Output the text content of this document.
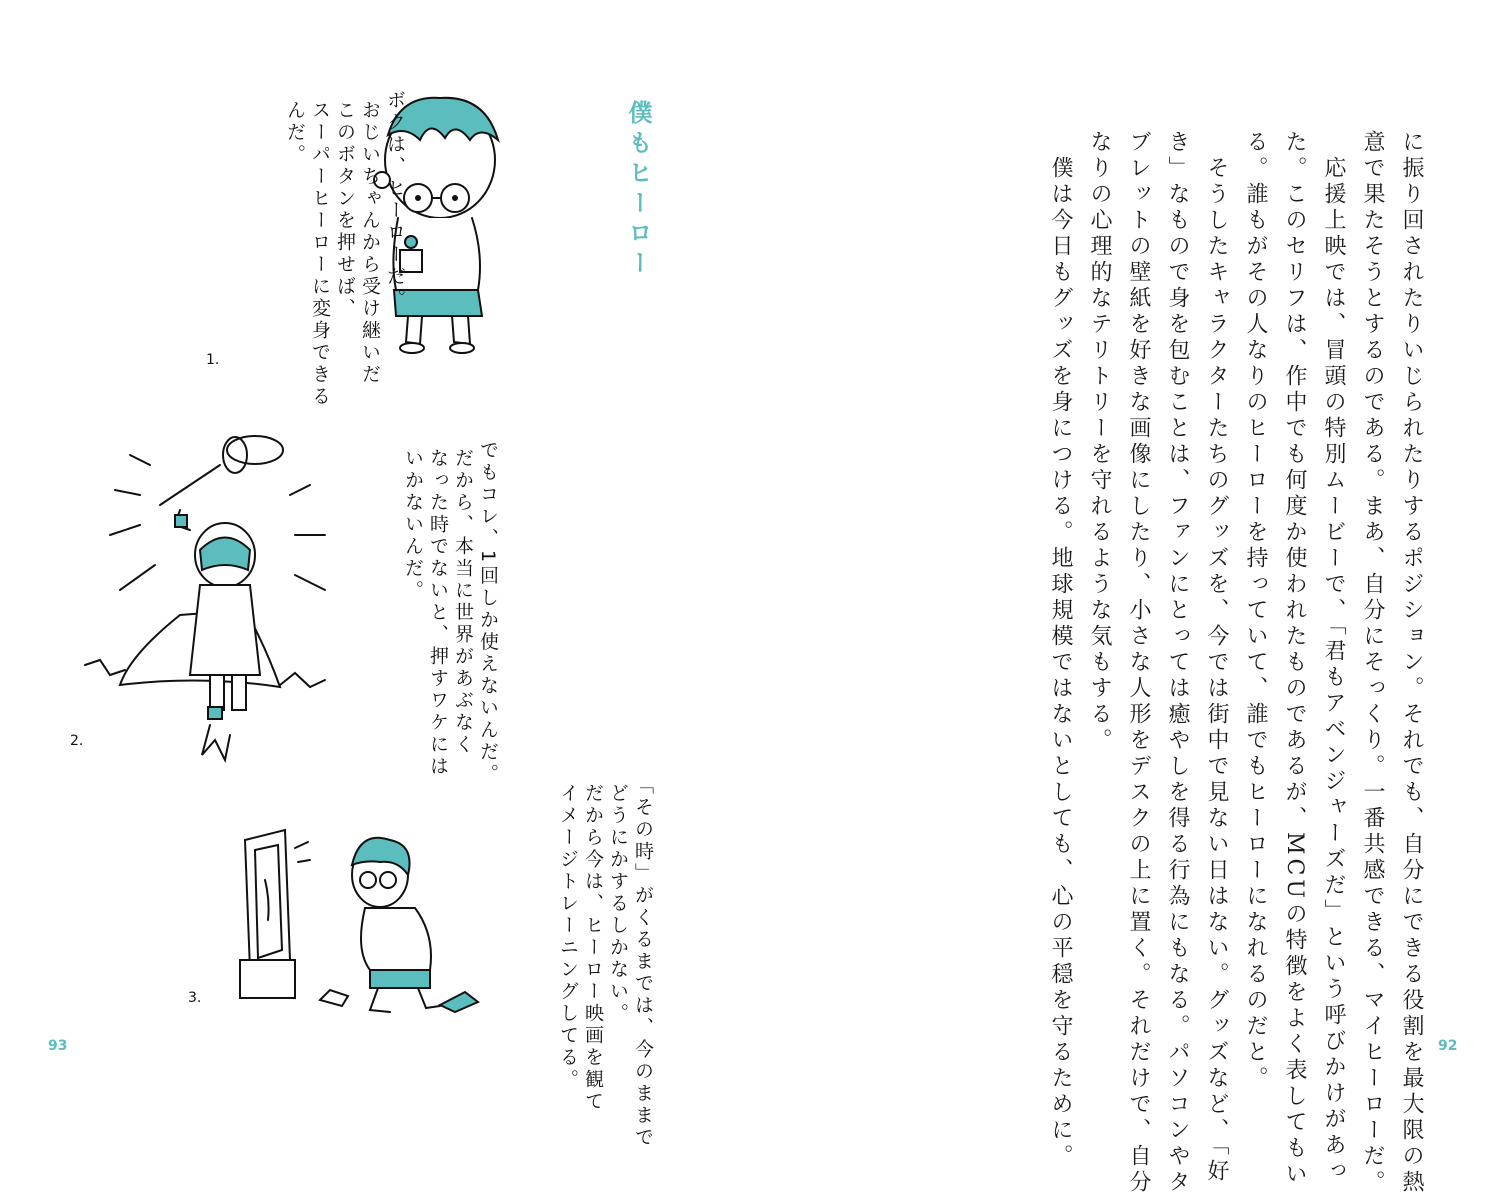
僕もヒーロー
1.

ボクは、ヒーローだ。
おじいちゃんから受け継いだ
このボタンを押せば、
スーパーヒーローに変身できる
んだ。

2.

	でもコレ、1回しか使えないんだ。
だから、本当に世界があぶなく
なった時でないと、押すワケには
いかないんだ。

3.

	「その時」がくるまでは、今のままで
どうにかするしかない。
だから今は、ヒーロー映画を観て
イメージトレーニングしてる。

93

	に振り回されたりいじられたりするポジション。それでも、自分にできる役割を最大限の熱
意で果たそうとするのである。まあ、自分にそっくり。一番共感できる、マイヒーローだ。
　応援上映では、冒頭の特別ムービーで、「君もアベンジャーズだ」という呼びかけがあっ
た。このセリフは、作中でも何度か使われたものであるが、MCUの特徴をよく表してもい
る。誰もがその人なりのヒーローを持っていて、誰でもヒーローになれるのだと。
　そうしたキャラクターたちのグッズを、今では街中で見ない日はない。グッズなど、「好
き」なもので身を包むことは、ファンにとっては癒やしを得る行為にもなる。パソコンやタ
ブレットの壁紙を好きな画像にしたり、小さな人形をデスクの上に置く。それだけで、自分
なりの心理的なテリトリーを守れるような気もする。
　僕は今日もグッズを身につける。地球規模ではないとしても、心の平穏を守るために。

	92
